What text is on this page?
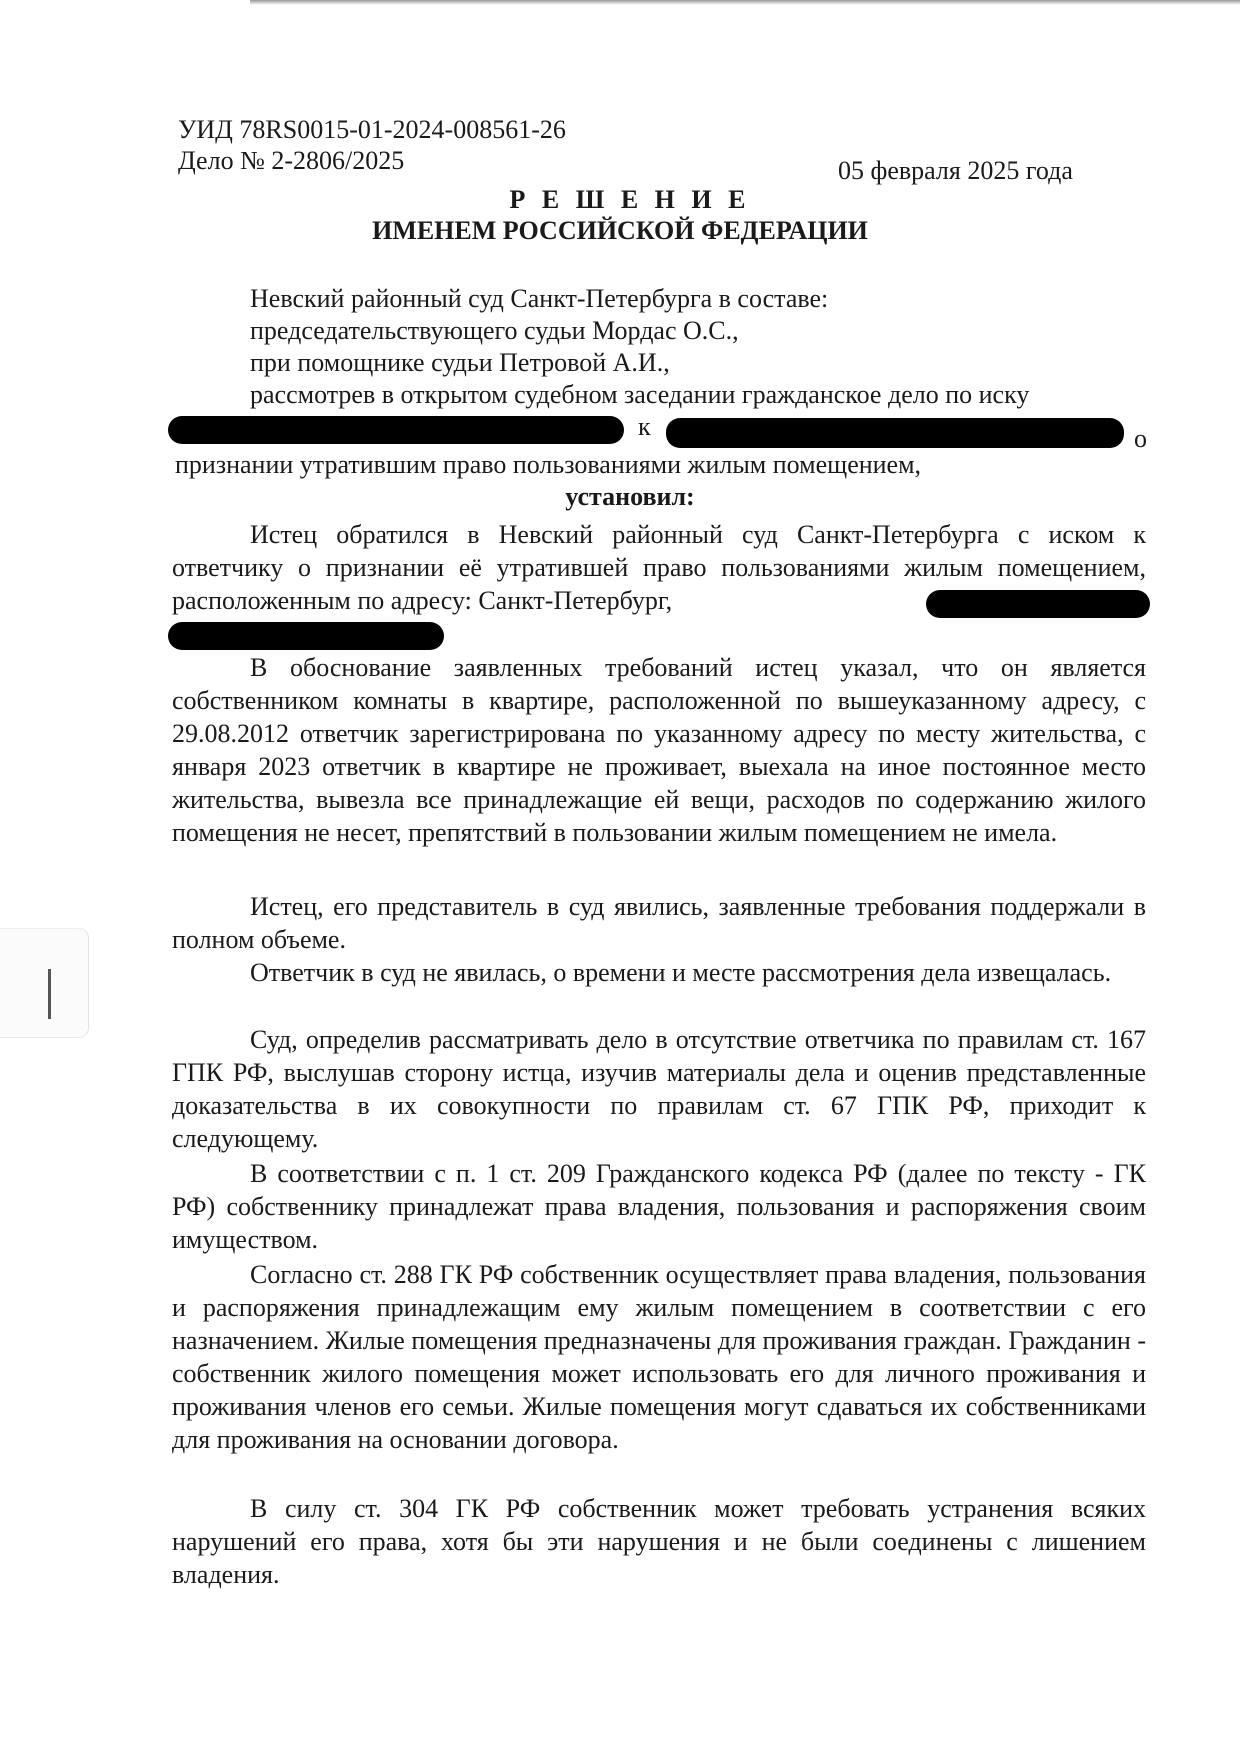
УИД 78RS0015-01-2024-008561-26
Дело № 2-2806/2025	05 февраля 2025 года
Р Е Ш Е Н И Е
ИМЕНЕМ РОССИЙСКОЙ ФЕДЕРАЦИИ
Невский районный суд Санкт-Петербурга в составе:
председательствующего судьи Мордас О.С.,
при помощнике судьи Петровой А.И.,
рассмотрев в открытом судебном заседании гражданское дело по иску
к	о
признании утратившим право пользованиями жилым помещением,
установил:

Истец обратился в Невский районный суд Санкт-Петербурга с иском к ответчику о признании её утратившей право пользованиями жилым помещением, расположенным по адресу: Санкт-Петербург,

В обоснование заявленных требований истец указал, что он является собственником комнаты в квартире, расположенной по вышеуказанному адресу, с 29.08.2012 ответчик зарегистрирована по указанному адресу по месту жительства, с января 2023 ответчик в квартире не проживает, выехала на иное постоянное место жительства, вывезла все принадлежащие ей вещи, расходов по содержанию жилого помещения не несет, препятствий в пользовании жилым помещением не имела.

Истец, его представитель в суд явились, заявленные требования поддержали в полном объеме.

Ответчик в суд не явилась, о времени и месте рассмотрения дела извещалась.

Суд, определив рассматривать дело в отсутствие ответчика по правилам ст. 167 ГПК РФ, выслушав сторону истца, изучив материалы дела и оценив представленные доказательства в их совокупности по правилам ст. 67 ГПК РФ, приходит к следующему.

В соответствии с п. 1 ст. 209 Гражданского кодекса РФ (далее по тексту - ГК РФ) собственнику принадлежат права владения, пользования и распоряжения своим имуществом.

Согласно ст. 288 ГК РФ собственник осуществляет права владения, пользования и распоряжения принадлежащим ему жилым помещением в соответствии с его назначением. Жилые помещения предназначены для проживания граждан. Гражданин - собственник жилого помещения может использовать его для личного проживания и проживания членов его семьи. Жилые помещения могут сдаваться их собственниками для проживания на основании договора.

В силу ст. 304 ГК РФ собственник может требовать устранения всяких нарушений его права, хотя бы эти нарушения и не были соединены с лишением владения.
